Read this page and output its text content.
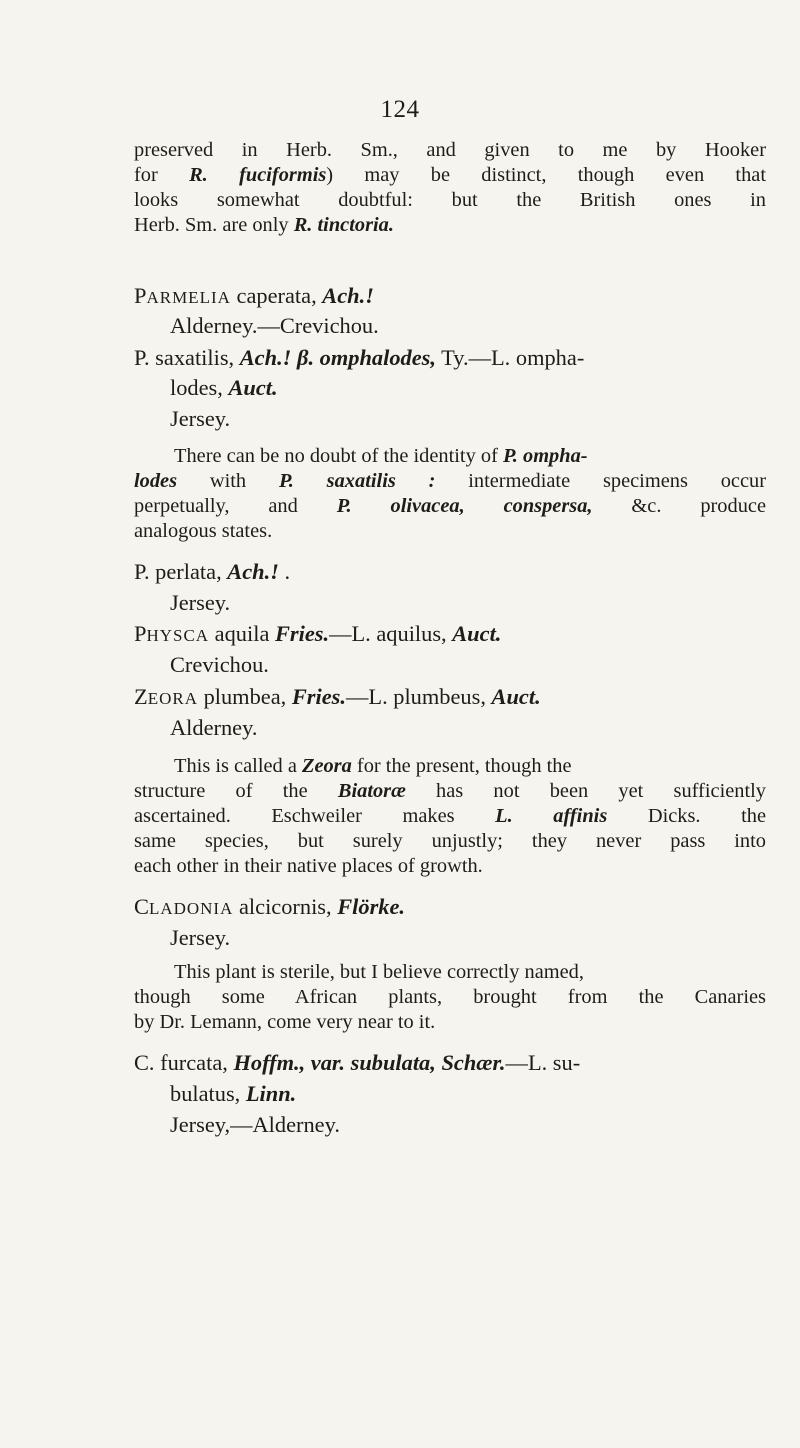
124
preserved in Herb. Sm., and given to me by Hooker
for R. fuciformis) may be distinct, though even that
looks somewhat doubtful: but the British ones in
Herb. Sm. are only R. tinctoria.
PARMELIA caperata, Ach.!
Alderney.—Crevichou.
P. saxatilis, Ach.! β. omphalodes, Ty.—L. ompha-
lodes, Auct.
Jersey.
There can be no doubt of the identity of P. ompha-
lodes with P. saxatilis : intermediate specimens occur
perpetually, and P. olivacea, conspersa, &c. produce
analogous states.
P. perlata, Ach.! .
Jersey.
PHYSCA aquila Fries.—L. aquilus, Auct.
Crevichou.
ZEORA plumbea, Fries.—L. plumbeus, Auct.
Alderney.
This is called a Zeora for the present, though the
structure of the Biatoræ has not been yet sufficiently
ascertained. Eschweiler makes L. affinis Dicks. the
same species, but surely unjustly; they never pass into
each other in their native places of growth.
CLADONIA alcicornis, Flörke.
Jersey.
This plant is sterile, but I believe correctly named,
though some African plants, brought from the Canaries
by Dr. Lemann, come very near to it.
C. furcata, Hoffm., var. subulata, Schær.—L. su-
bulatus, Linn.
Jersey,—Alderney.
